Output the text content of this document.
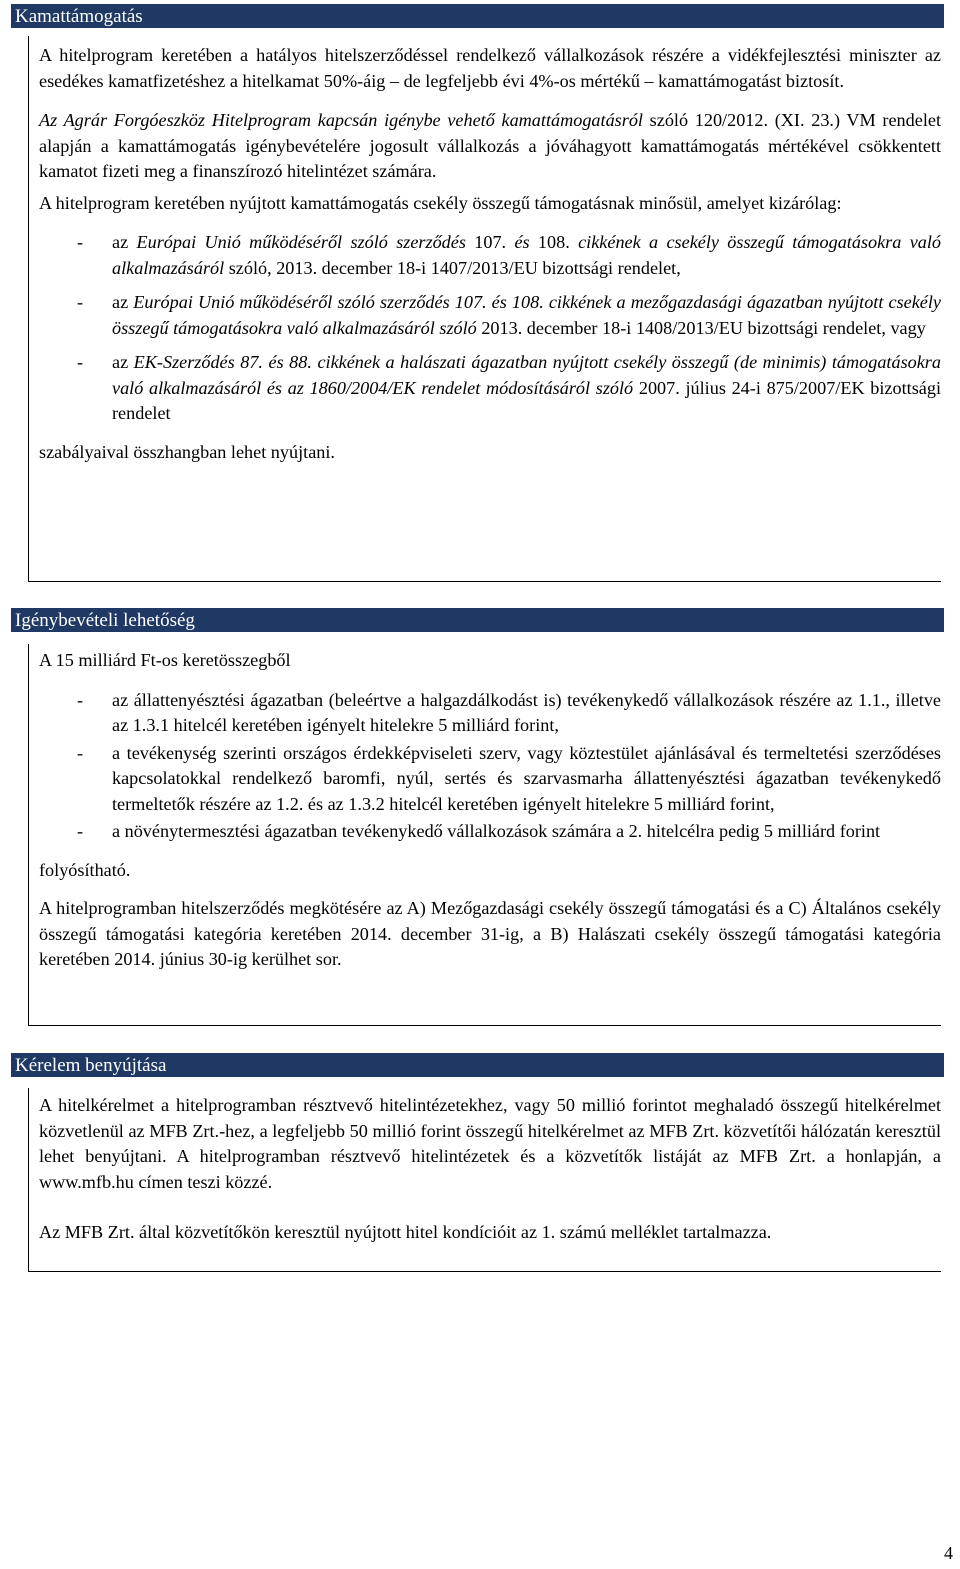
Kamattámogatás

A hitelprogram keretében a hatályos hitelszerződéssel rendelkező vállalkozások részére a vidékfejlesztési miniszter az esedékes kamatfizetéshez a hitelkamat 50%-áig – de legfeljebb évi 4%-os mértékű – kamattámogatást biztosít.

Az Agrár Forgóeszköz Hitelprogram kapcsán igénybe vehető kamattámogatásról szóló 120/2012. (XI. 23.) VM rendelet alapján a kamattámogatás igénybevételére jogosult vállalkozás a jóváhagyott kamattámogatás mértékével csökkentett kamatot fizeti meg a finanszírozó hitelintézet számára.

A hitelprogram keretében nyújtott kamattámogatás csekély összegű támogatásnak minősül, amelyet kizárólag:

- az Európai Unió működéséről szóló szerződés 107. és 108. cikkének a csekély összegű támogatásokra való alkalmazásáról szóló, 2013. december 18-i 1407/2013/EU bizottsági rendelet,
- az Európai Unió működéséről szóló szerződés 107. és 108. cikkének a mezőgazdasági ágazatban nyújtott csekély összegű támogatásokra való alkalmazásáról szóló 2013. december 18-i 1408/2013/EU bizottsági rendelet, vagy
- az EK-Szerződés 87. és 88. cikkének a halászati ágazatban nyújtott csekély összegű (de minimis) támogatásokra való alkalmazásáról és az 1860/2004/EK rendelet módosításáról szóló 2007. július 24-i 875/2007/EK bizottsági rendelet

szabályaival összhangban lehet nyújtani.

Igénybevételi lehetőség

A 15 milliárd Ft-os keretösszegből

- az állattenyésztési ágazatban (beleértve a halgazdálkodást is) tevékenykedő vállalkozások részére az 1.1., illetve az 1.3.1 hitelcél keretében igényelt hitelekre 5 milliárd forint,
- a tevékenység szerinti országos érdekképviseleti szerv, vagy köztestület ajánlásával és termeltetési szerződéses kapcsolatokkal rendelkező baromfi, nyúl, sertés és szarvasmarha állattenyésztési ágazatban tevékenykedő termeltetők részére az 1.2. és az 1.3.2 hitelcél keretében igényelt hitelekre 5 milliárd forint,
- a növénytermesztési ágazatban tevékenykedő vállalkozások számára a 2. hitelcélra pedig 5 milliárd forint

folyósítható.

A hitelprogramban hitelszerződés megkötésére az A) Mezőgazdasági csekély összegű támogatási és a C) Általános csekély összegű támogatási kategória keretében 2014. december 31-ig, a B) Halászati csekély összegű támogatási kategória keretében 2014. június 30-ig kerülhet sor.

Kérelem benyújtása

A hitelkérelmet a hitelprogramban résztvevő hitelintézetekhez, vagy 50 millió forintot meghaladó összegű hitelkérelmet közvetlenül az MFB Zrt.-hez, a legfeljebb 50 millió forint összegű hitelkérelmet az MFB Zrt. közvetítői hálózatán keresztül lehet benyújtani. A hitelprogramban résztvevő hitelintézetek és a közvetítők listáját az MFB Zrt. a honlapján, a www.mfb.hu címen teszi közzé.

Az MFB Zrt. által közvetítőkön keresztül nyújtott hitel kondícióit az 1. számú melléklet tartalmazza.

4
